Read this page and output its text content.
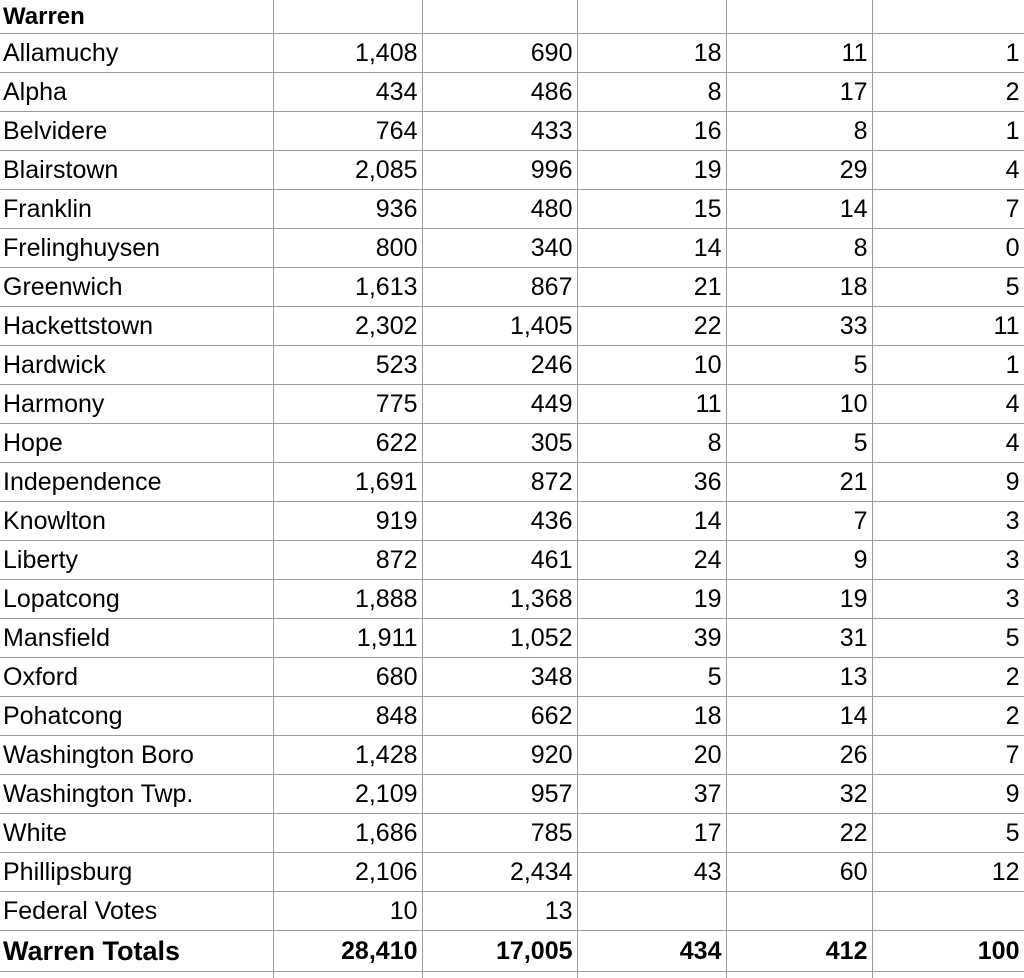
Warren					
Allamuchy	1,408	690	18	11	1
Alpha	434	486	8	17	2
Belvidere	764	433	16	8	1
Blairstown	2,085	996	19	29	4
Franklin	936	480	15	14	7
Frelinghuysen	800	340	14	8	0
Greenwich	1,613	867	21	18	5
Hackettstown	2,302	1,405	22	33	11
Hardwick	523	246	10	5	1
Harmony	775	449	11	10	4
Hope	622	305	8	5	4
Independence	1,691	872	36	21	9
Knowlton	919	436	14	7	3
Liberty	872	461	24	9	3
Lopatcong	1,888	1,368	19	19	3
Mansfield	1,911	1,052	39	31	5
Oxford	680	348	5	13	2
Pohatcong	848	662	18	14	2
Washington Boro	1,428	920	20	26	7
Washington Twp.	2,109	957	37	32	9
White	1,686	785	17	22	5
Phillipsburg	2,106	2,434	43	60	12
Federal Votes	10	13			
Warren Totals	28,410	17,005	434	412	100
